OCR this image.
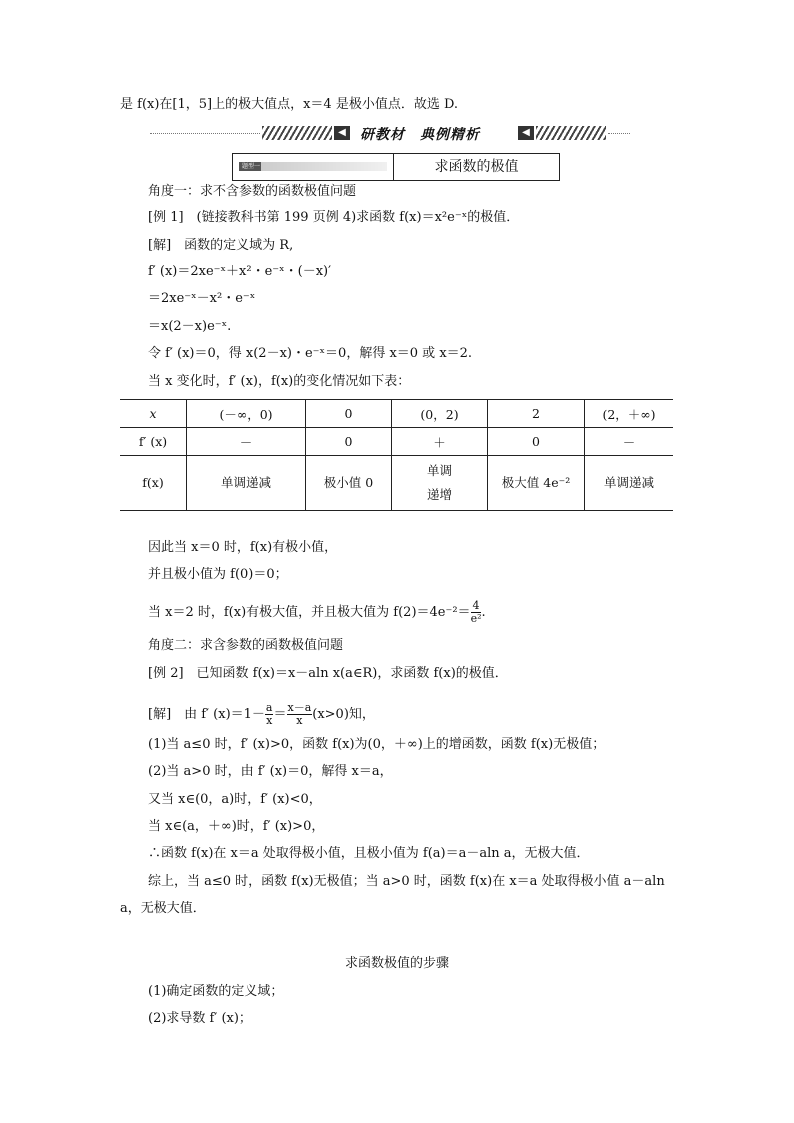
是 f(x)在[1，5]上的极大值点，x＝4 是极小值点．故选 D.
◀ 研教材　典例精析	◀
题型一	求函数的极值
角度一：求不含参数的函数极值问题
[例 1]　(链接教科书第 199 页例 4)求函数 f(x)＝x²e⁻ˣ的极值．
[解]　函数的定义域为 R,
f′ (x)＝2xe⁻ˣ＋x²・e⁻ˣ・(－x)′
＝2xe⁻ˣ－x²・e⁻ˣ
＝x(2－x)e⁻ˣ.
令 f′ (x)＝0，得 x(2－x)・e⁻ˣ＝0，解得 x＝0 或 x＝2.
当 x 变化时，f′ (x)，f(x)的变化情况如下表：
x	(－∞，0)	0	(0，2)	2	(2，＋∞)
f′ (x)	－	0	＋	0	－
f(x)	单调递减	极小值 0	单调递增	极大值 4e⁻²	单调递减
因此当 x＝0 时，f(x)有极小值，
并且极小值为 f(0)＝0；
当 x＝2 时，f(x)有极大值，并且极大值为 $f(2)=4e^{-2}= \frac{4}{\text{e²}}$ .
角度二：求含参数的函数极值问题
[例 2]　已知函数 f(x)＝x－aln x(a∈R)，求函数 f(x)的极值．
[解]　由 f′ $(x)=1- \frac{a}{x} = \frac{x-a}{x} (x>0)$知，
(1)当 a≤0 时，f′ (x)>0，函数 f(x)为(0，＋∞)上的增函数，函数 f(x)无极值；
(2)当 a>0 时，由 f′ (x)＝0，解得 x＝a，
又当 x∈(0，a)时，f′ (x)<0，
当 x∈(a，＋∞)时，f′ (x)>0，
∴函数 f(x)在 x＝a 处取得极小值，且极小值为 f(a)＝a－aln a，无极大值．
综上，当 a≤0 时，函数 f(x)无极值；当 a>0 时，函数 f(x)在 x＝a 处取得极小值 a－aln
a，无极大值．
求函数极值的步骤
(1)确定函数的定义域；
(2)求导数 f′ (x)；
